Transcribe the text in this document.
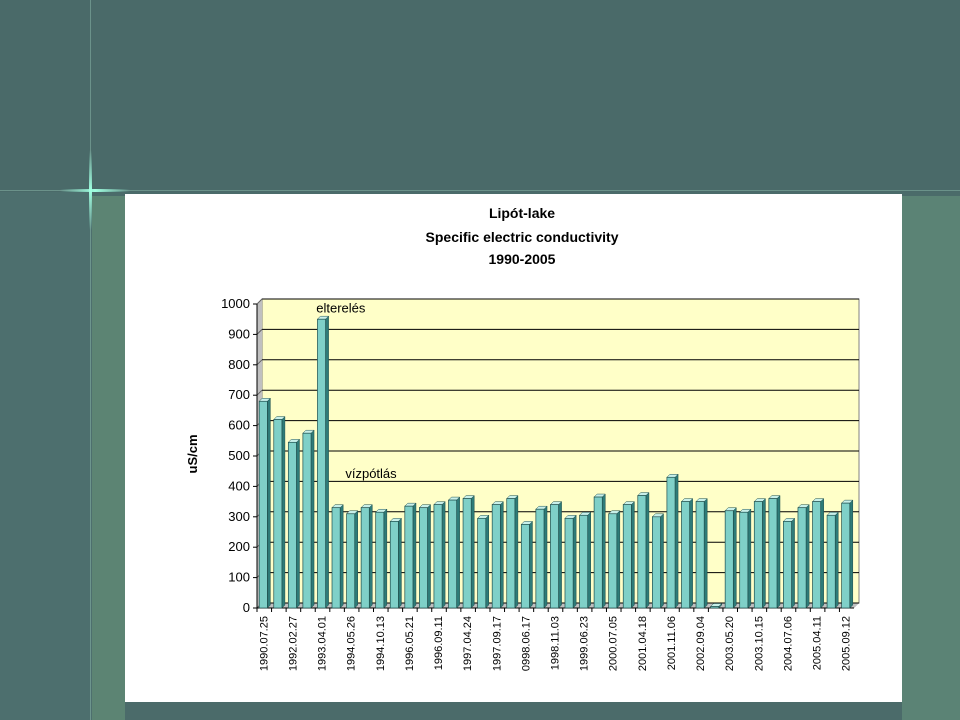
Lipót-lake
Specific electric conductivity
1990-2005
uS/cm
0
100
200
300
400
500
600
700
800
900
1000
1990.07.25 1992.02.27 1993.04.01 1994.05.26 1994.10.13 1996.05.21 1996.09.11 1997.04.24 1997.09.17 0998.06.17 1998.11.03 1999.06.23 2000.07.05 2001.04.18 2001.11.06 2002.09.04 2003.05.20 2003.10.15 2004.07.06 2005.04.11 2005.09.12
elterelés
vízpótlás
